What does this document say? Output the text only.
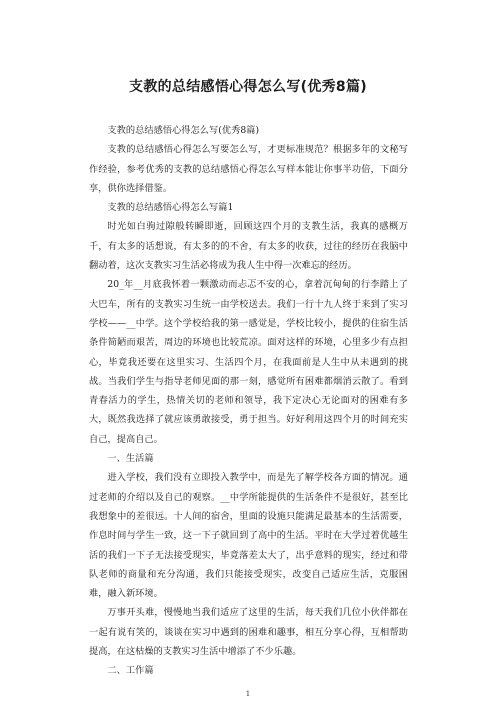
支教的总结感悟心得怎么写(优秀8篇)

支教的总结感悟心得怎么写(优秀8篇)

支教的总结感悟心得怎么写要怎么写，才更标准规范？根据多年的文秘写作经验，参考优秀的支教的总结感悟心得怎么写样本能让你事半功倍，下面分享，供你选择借鉴。

支教的总结感悟心得怎么写篇1

时光如白驹过隙般转瞬即逝，回顾这四个月的支教生活，我真的感概万千，有太多的话想说，有太多的的不舍，有太多的收获，过往的经历在我脑中翻动着，这次支教实习生活必将成为我人生中得一次难忘的经历。

20_年__月底我怀着一颗激动而忐忑不安的心，拿着沉甸甸的行李踏上了大巴车，所有的支教实习生统一由学校送去。我们一行十九人终于来到了实习学校——__中学。这个学校给我的第一感觉是，学校比较小，提供的住宿生活条件简陋而艰苦，周边的环境也比较荒凉。面对这样的环境，心里多少有点担心，毕竟我还要在这里实习、生活四个月，在我面前是人生中从未遇到的挑战。当我们学生与指导老师见面的那一刻，感觉所有困难都烟消云散了。看到青春活力的学生，热情关切的老师和领导，我下定决心无论面对的困难有多大，既然我选择了就应该勇敢接受，勇于担当。好好利用这四个月的时间充实自己，提高自己。

一、生活篇

进入学校，我们没有立即投入教学中，而是先了解学校各方面的情况。通过老师的介绍以及自己的观察。__中学所能提供的生活条件不是很好，甚至比我想象中的差很远。十人间的宿舍，里面的设施只能满足最基本的生活需要，作息时间与学生一致，这一下子就回到了高中的生活。平时在大学过着优越生活的我们一下子无法接受现实，毕竟落差太大了，出乎意料的现实，经过和带队老师的商量和充分沟通，我们只能接受现实，改变自己适应生活，克服困难，融入新环境。

万事开头难，慢慢地当我们适应了这里的生活，每天我们几位小伙伴都在一起有说有笑的，谈谈在实习中遇到的困难和趣事，相互分享心得，互相帮助提高，在这枯燥的支教实习生活中增添了不少乐趣。

二、工作篇

1
